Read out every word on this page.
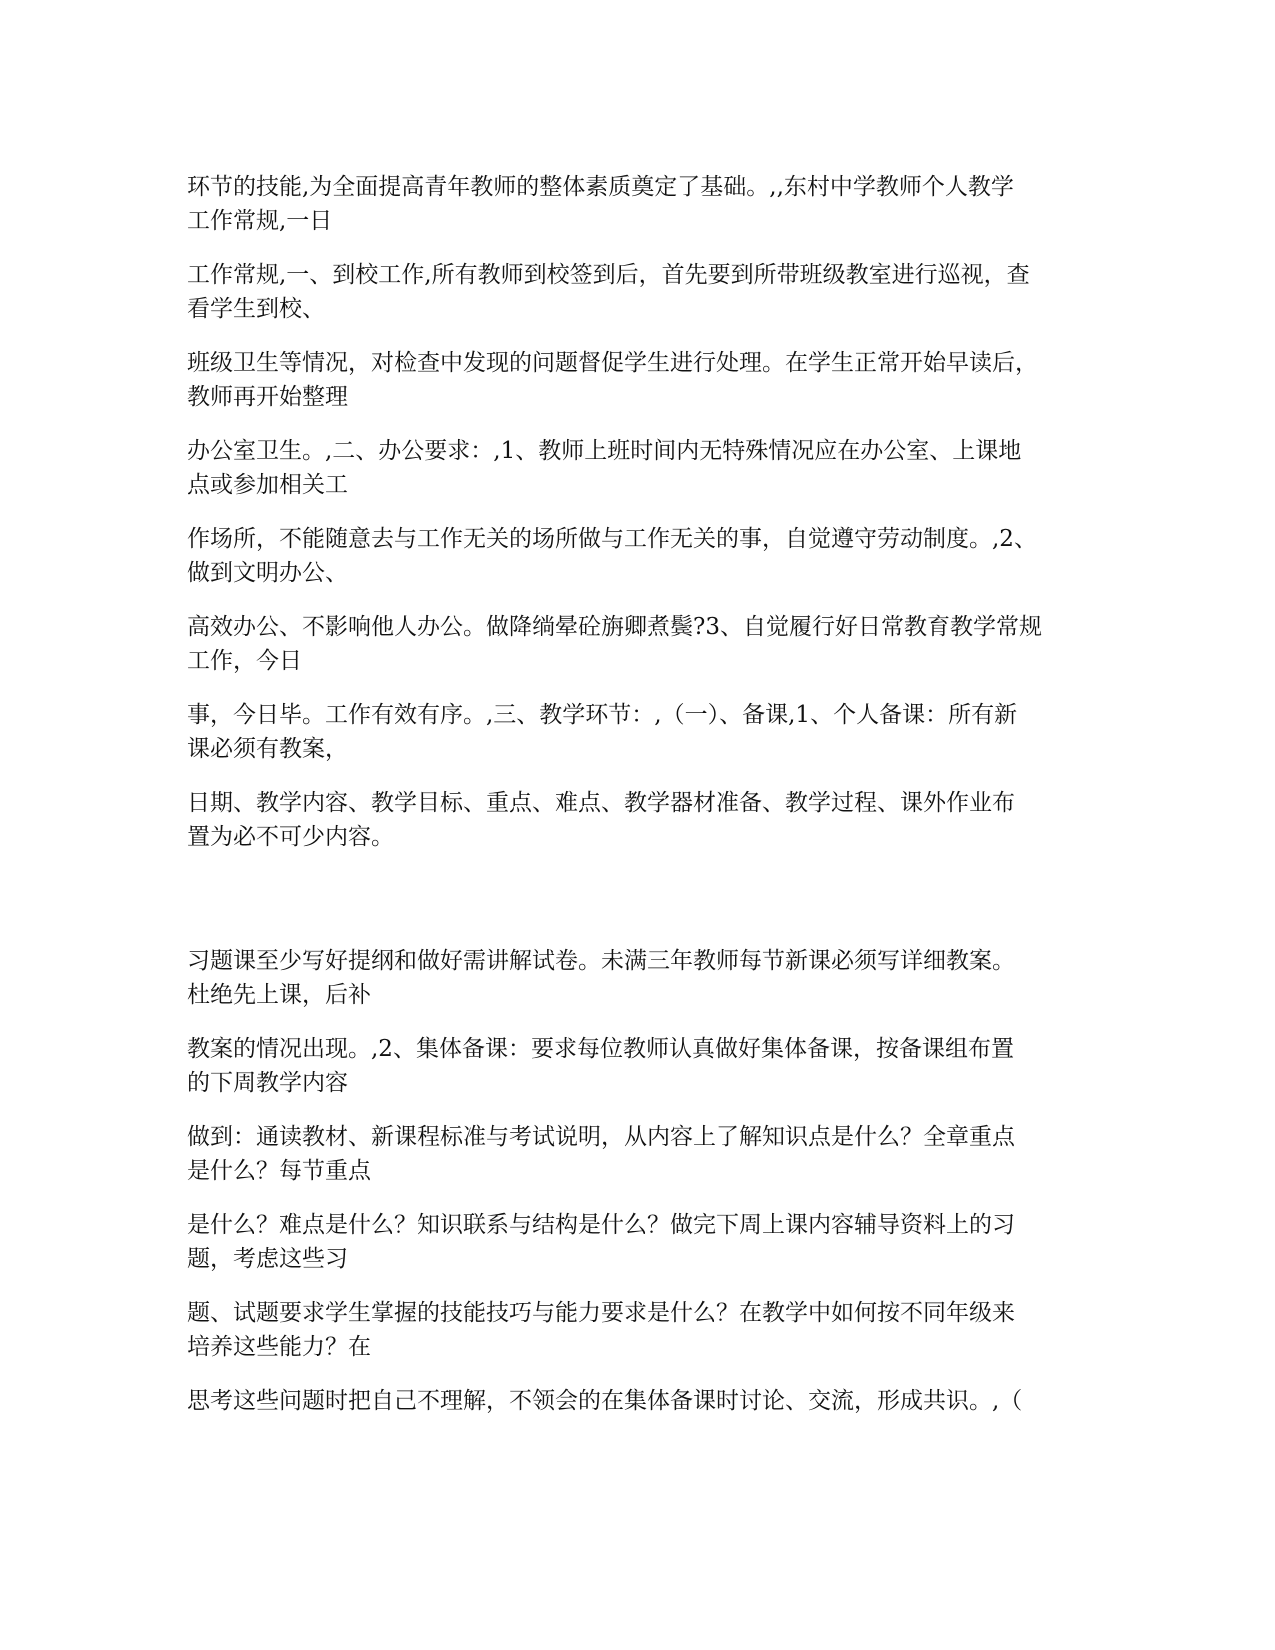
环节的技能,为全面提高青年教师的整体素质奠定了基础。,,东村中学教师个人教学
工作常规,一日
工作常规,一、到校工作,所有教师到校签到后，首先要到所带班级教室进行巡视，查
看学生到校、
班级卫生等情况，对检查中发现的问题督促学生进行处理。在学生正常开始早读后，
教师再开始整理
办公室卫生。,二、办公要求：,1、教师上班时间内无特殊情况应在办公室、上课地
点或参加相关工
作场所，不能随意去与工作无关的场所做与工作无关的事，自觉遵守劳动制度。,2、
做到文明办公、
高效办公、不影响他人办公。做降绱晕砼旃卿煮鬓?3、自觉履行好日常教育教学常规
工作，今日
事，今日毕。工作有效有序。,三、教学环节：,（一）、备课,1、个人备课：所有新
课必须有教案，
日期、教学内容、教学目标、重点、难点、教学器材准备、教学过程、课外作业布
置为必不可少内容。
习题课至少写好提纲和做好需讲解试卷。未满三年教师每节新课必须写详细教案。
杜绝先上课，后补
教案的情况出现。,2、集体备课：要求每位教师认真做好集体备课，按备课组布置
的下周教学内容
做到：通读教材、新课程标准与考试说明，从内容上了解知识点是什么？全章重点
是什么？每节重点
是什么？难点是什么？知识联系与结构是什么？做完下周上课内容辅导资料上的习
题，考虑这些习
题、试题要求学生掌握的技能技巧与能力要求是什么？在教学中如何按不同年级来
培养这些能力？在
思考这些问题时把自己不理解，不领会的在集体备课时讨论、交流，形成共识。,（
